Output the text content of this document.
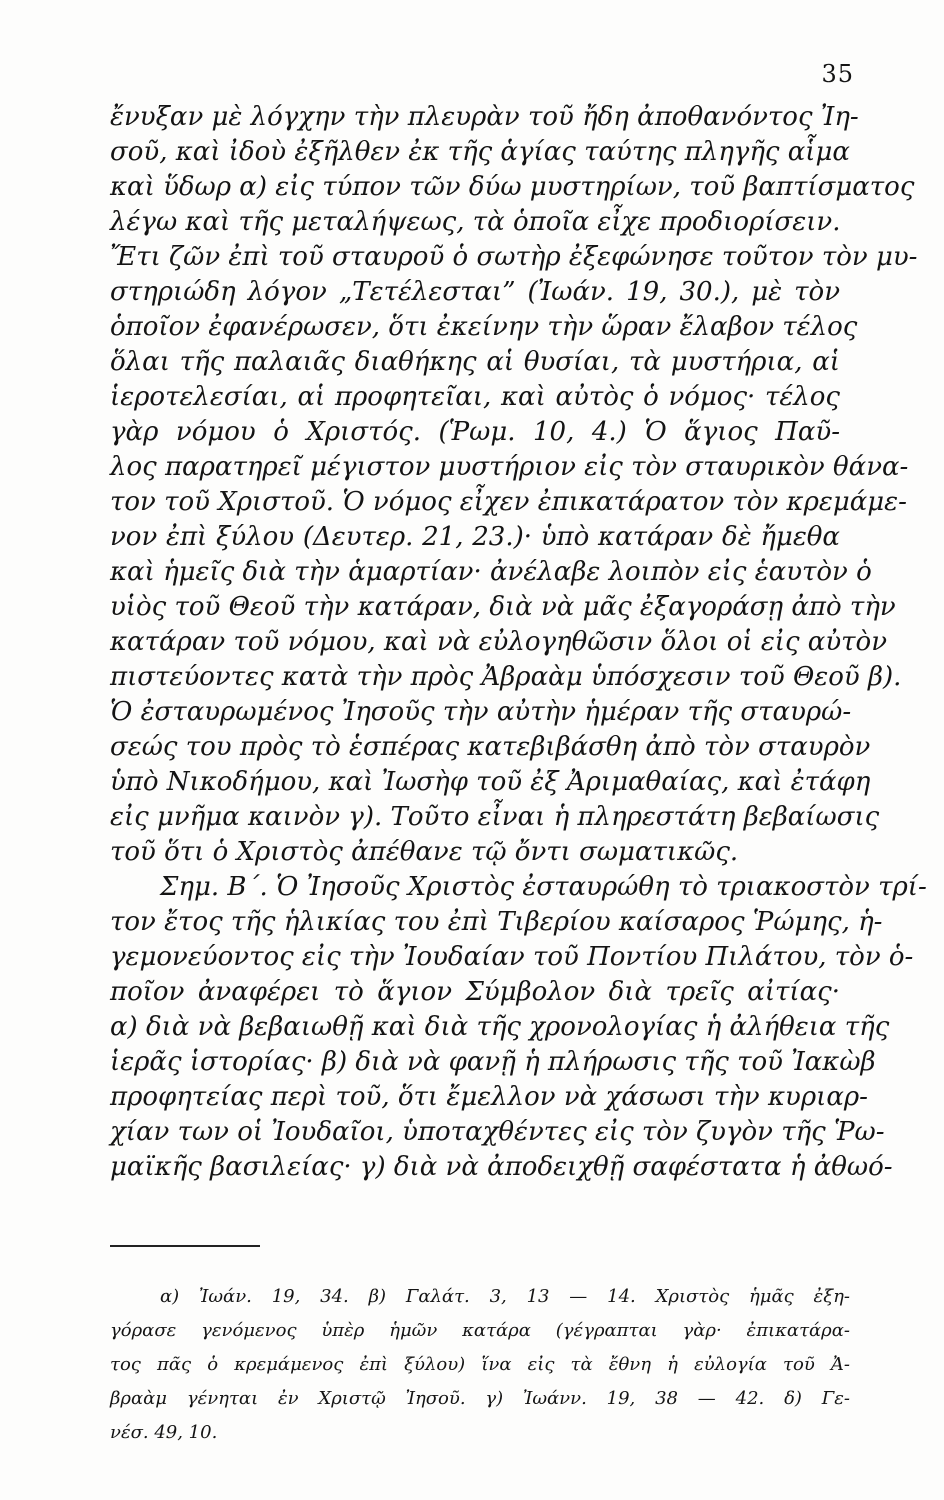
35
ἔνυξαν μὲ λόγχην τὴν πλευρὰν τοῦ ἤδη ἀποθανόντος Ἰη-
σοῦ, καὶ ἰδοὺ ἐξῆλθεν ἐκ τῆς ἁγίας ταύτης πληγῆς αἷμα
καὶ ὕδωρ α) εἰς τύπον τῶν δύω μυστηρίων, τοῦ βαπτίσματος
λέγω καὶ τῆς μεταλήψεως, τὰ ὁποῖα εἶχε προδιορίσειν.
Ἔτι ζῶν ἐπὶ τοῦ σταυροῦ ὁ σωτὴρ ἐξεφώνησε τοῦτον τὸν μυ-
στηριώδη λόγον „Τετέλεσται” (Ἰωάν. 19, 30.), μὲ τὸν
ὁποῖον ἐφανέρωσεν, ὅτι ἐκείνην τὴν ὥραν ἔλαβον τέλος
ὅλαι τῆς παλαιᾶς διαθήκης αἱ θυσίαι, τὰ μυστήρια, αἱ
ἱεροτελεσίαι, αἱ προφητεῖαι, καὶ αὐτὸς ὁ νόμος· τέλος
γὰρ νόμου ὁ Χριστός. (Ῥωμ. 10, 4.) Ὁ ἅγιος Παῦ-
λος παρατηρεῖ μέγιστον μυστήριον εἰς τὸν σταυρικὸν θάνα-
τον τοῦ Χριστοῦ. Ὁ νόμος εἶχεν ἐπικατάρατον τὸν κρεμάμε-
νον ἐπὶ ξύλου (Δευτερ. 21, 23.)· ὑπὸ κατάραν δὲ ἤμεθα
καὶ ἡμεῖς διὰ τὴν ἁμαρτίαν· ἀνέλαβε λοιπὸν εἰς ἑαυτὸν ὁ
υἱὸς τοῦ Θεοῦ τὴν κατάραν, διὰ νὰ μᾶς ἐξαγοράσῃ ἀπὸ τὴν
κατάραν τοῦ νόμου, καὶ νὰ εὐλογηθῶσιν ὅλοι οἱ εἰς αὐτὸν
πιστεύοντες κατὰ τὴν πρὸς Ἀβραὰμ ὑπόσχεσιν τοῦ Θεοῦ β).
Ὁ ἐσταυρωμένος Ἰησοῦς τὴν αὐτὴν ἡμέραν τῆς σταυρώ-
σεώς του πρὸς τὸ ἑσπέρας κατεβιβάσθη ἀπὸ τὸν σταυρὸν
ὑπὸ Νικοδήμου, καὶ Ἰωσὴφ τοῦ ἐξ Ἀριμαθαίας, καὶ ἐτάφη
εἰς μνῆμα καινὸν γ). Τοῦτο εἶναι ἡ πληρεστάτη βεβαίωσις
τοῦ ὅτι ὁ Χριστὸς ἀπέθανε τῷ ὄντι σωματικῶς.
Σημ. Β΄. Ὁ Ἰησοῦς Χριστὸς ἐσταυρώθη τὸ τριακοστὸν τρί-
τον ἔτος τῆς ἡλικίας του ἐπὶ Τιβερίου καίσαρος Ῥώμης, ἡ-
γεμονεύοντος εἰς τὴν Ἰουδαίαν τοῦ Ποντίου Πιλάτου, τὸν ὁ-
ποῖον ἀναφέρει τὸ ἅγιον Σύμβολον διὰ τρεῖς αἰτίας·
α) διὰ νὰ βεβαιωθῇ καὶ διὰ τῆς χρονολογίας ἡ ἀλήθεια τῆς
ἱερᾶς ἱστορίας· β) διὰ νὰ φανῇ ἡ πλήρωσις τῆς τοῦ Ἰακὼβ
προφητείας περὶ τοῦ, ὅτι ἔμελλον νὰ χάσωσι τὴν κυριαρ-
χίαν των οἱ Ἰουδαῖοι, ὑποταχθέντες εἰς τὸν ζυγὸν τῆς Ῥω-
μαϊκῆς βασιλείας· γ) διὰ νὰ ἀποδειχθῇ σαφέστατα ἡ ἀθωό-
α) Ἰωάν. 19, 34. β) Γαλάτ. 3, 13 — 14. Χριστὸς ἡμᾶς ἐξη-
γόρασε γενόμενος ὑπὲρ ἡμῶν κατάρα (γέγραπται γὰρ· ἐπικατάρα-
τος πᾶς ὁ κρεμάμενος ἐπὶ ξύλου) ἵνα εἰς τὰ ἔθνη ἡ εὐλογία τοῦ Ἀ-
βραὰμ γένηται ἐν Χριστῷ Ἰησοῦ. γ) Ἰωάνν. 19, 38 — 42. δ) Γε-
νέσ. 49, 10.
